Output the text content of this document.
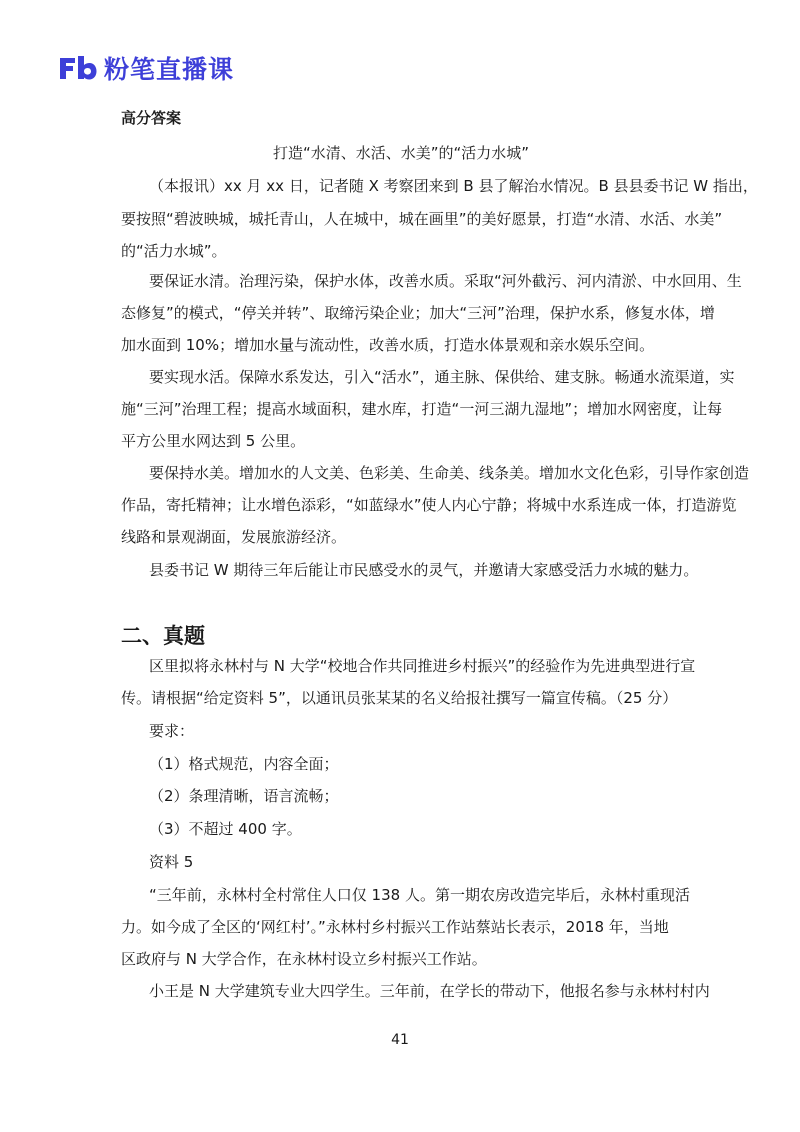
粉笔直播课
高分答案
打造“水清、水活、水美”的“活力水城”
（本报讯）xx 月 xx 日，记者随 X 考察团来到 B 县了解治水情况。B 县县委书记 W 指出，
要按照“碧波映城，城托青山，人在城中，城在画里”的美好愿景，打造“水清、水活、水美”
的“活力水城”。
要保证水清。治理污染，保护水体，改善水质。采取“河外截污、河内清淤、中水回用、生
态修复”的模式，“停关并转”、取缔污染企业；加大“三河”治理，保护水系，修复水体，增
加水面到 10%；增加水量与流动性，改善水质，打造水体景观和亲水娱乐空间。
要实现水活。保障水系发达，引入“活水”，通主脉、保供给、建支脉。畅通水流渠道，实
施“三河”治理工程；提高水域面积，建水库，打造“一河三湖九湿地”；增加水网密度，让每
平方公里水网达到 5 公里。
要保持水美。增加水的人文美、色彩美、生命美、线条美。增加水文化色彩，引导作家创造
作品，寄托精神；让水增色添彩，“如蓝绿水”使人内心宁静；将城中水系连成一体，打造游览
线路和景观湖面，发展旅游经济。
县委书记 W 期待三年后能让市民感受水的灵气，并邀请大家感受活力水城的魅力。
二、真题
区里拟将永林村与 N 大学“校地合作共同推进乡村振兴”的经验作为先进典型进行宣
传。请根据“给定资料 5”，以通讯员张某某的名义给报社撰写一篇宣传稿。（25 分）
要求：
（1）格式规范，内容全面；
（2）条理清晰，语言流畅；
（3）不超过 400 字。
资料 5
“三年前，永林村全村常住人口仅 138 人。第一期农房改造完毕后，永林村重现活
力。如今成了全区的‘网红村’。”永林村乡村振兴工作站蔡站长表示，2018 年，当地
区政府与 N 大学合作，在永林村设立乡村振兴工作站。
小王是 N 大学建筑专业大四学生。三年前，在学长的带动下，他报名参与永林村村内
41
